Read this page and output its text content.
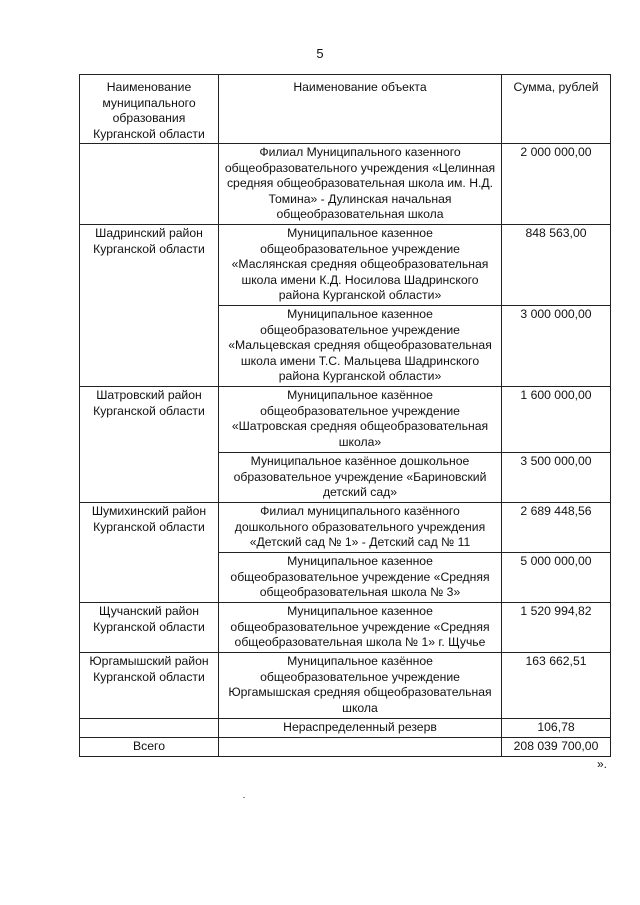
5
Наименование муниципального образования Курганской области	Наименование объекта	Сумма, рублей
	Филиал Муниципального казенного общеобразовательного учреждения «Целинная средняя общеобразовательная школа им. Н.Д. Томина» - Дулинская начальная общеобразовательная школа	2 000 000,00
Шадринский район Курганской области	Муниципальное казенное общеобразовательное учреждение «Маслянская средняя общеобразовательная школа имени К.Д. Носилова Шадринского района Курганской области»	848 563,00
	Муниципальное казенное общеобразовательное учреждение «Мальцевская средняя общеобразовательная школа имени Т.С. Мальцева Шадринского района Курганской области»	3 000 000,00
Шатровский район Курганской области	Муниципальное казённое общеобразовательное учреждение «Шатровская средняя общеобразовательная школа»	1 600 000,00
	Муниципальное казённое дошкольное образовательное учреждение «Бариновский детский сад»	3 500 000,00
Шумихинский район Курганской области	Филиал муниципального казённого дошкольного образовательного учреждения «Детский сад № 1» - Детский сад № 11	2 689 448,56
	Муниципальное казенное общеобразовательное учреждение «Средняя общеобразовательная школа № 3»	5 000 000,00
Щучанский район Курганской области	Муниципальное казенное общеобразовательное учреждение «Средняя общеобразовательная школа № 1» г. Щучье	1 520 994,82
Юргамышский район Курганской области	Муниципальное казённое общеобразовательное учреждение Юргамышская средняя общеобразовательная школа	163 662,51
	Нераспределенный резерв	106,78
Всего		208 039 700,00
».
